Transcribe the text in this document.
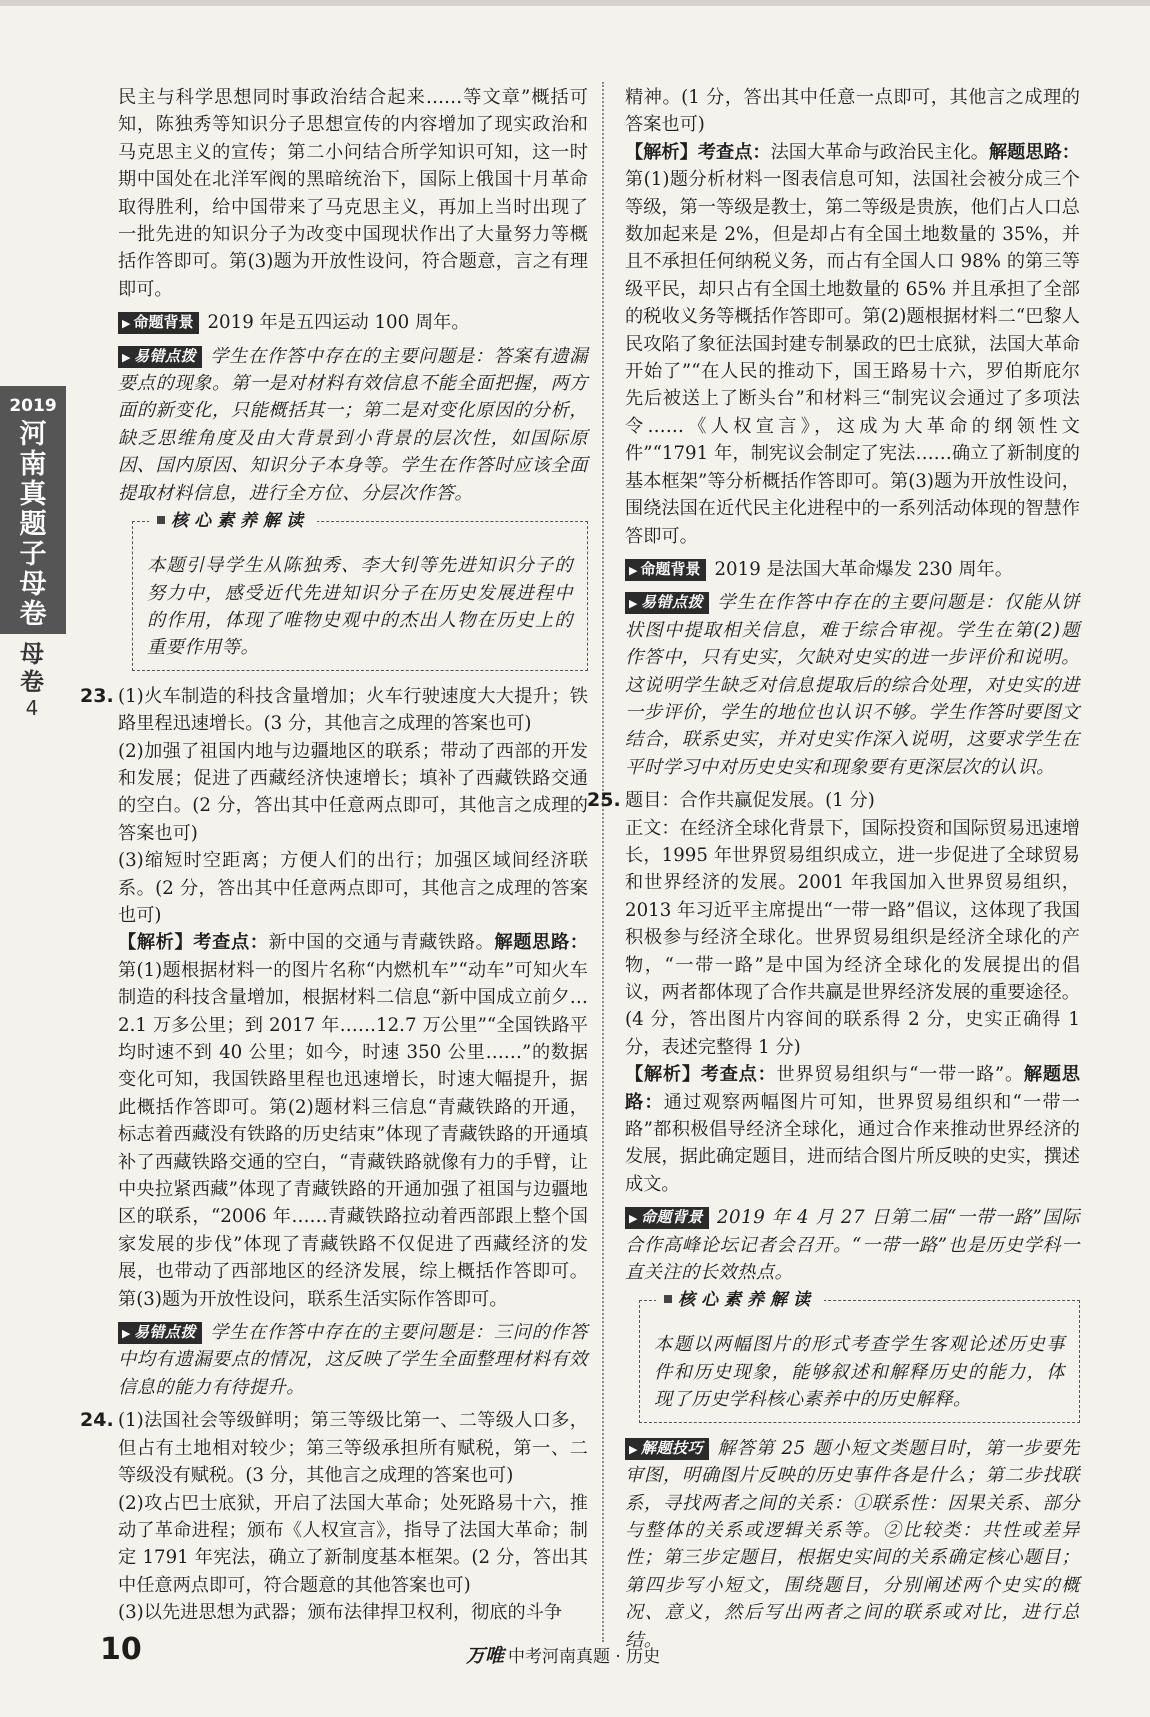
2019
河南真题子母卷
母卷
4

民主与科学思想同时事政治结合起来……等文章”概括可知，陈独秀等知识分子思想宣传的内容增加了现实政治和马克思主义的宣传；第二小问结合所学知识可知，这一时期中国处在北洋军阀的黑暗统治下，国际上俄国十月革命取得胜利，给中国带来了马克思主义，再加上当时出现了一批先进的知识分子为改变中国现状作出了大量努力等概括作答即可。第(3)题为开放性设问，符合题意，言之有理即可。

▶ 命题背景 2019 年是五四运动 100 周年。

▶ 易错点拨 学生在作答中存在的主要问题是：答案有遗漏要点的现象。第一是对材料有效信息不能全面把握，两方面的新变化，只能概括其一；第二是对变化原因的分析，缺乏思维角度及由大背景到小背景的层次性，如国际原因、国内原因、知识分子本身等。学生在作答时应该全面提取材料信息，进行全方位、分层次作答。

核心素养解读

本题引导学生从陈独秀、李大钊等先进知识分子的努力中，感受近代先进知识分子在历史发展进程中的作用，体现了唯物史观中的杰出人物在历史上的重要作用等。

23. (1)火车制造的科技含量增加；火车行驶速度大大提升；铁路里程迅速增长。(3 分，其他言之成理的答案也可)

(2)加强了祖国内地与边疆地区的联系；带动了西部的开发和发展；促进了西藏经济快速增长；填补了西藏铁路交通的空白。(2 分，答出其中任意两点即可，其他言之成理的答案也可)

(3)缩短时空距离；方便人们的出行；加强区域间经济联系。(2 分，答出其中任意两点即可，其他言之成理的答案也可)

【解析】考查点：新中国的交通与青藏铁路。解题思路：第(1)题根据材料一的图片名称“内燃机车”“动车”可知火车制造的科技含量增加，根据材料二信息“新中国成立前夕…2.1 万多公里；到 2017 年……12.7 万公里”“全国铁路平均时速不到 40 公里；如今，时速 350 公里……”的数据变化可知，我国铁路里程也迅速增长，时速大幅提升，据此概括作答即可。第(2)题材料三信息“青藏铁路的开通，标志着西藏没有铁路的历史结束”体现了青藏铁路的开通填补了西藏铁路交通的空白，“青藏铁路就像有力的手臂，让中央拉紧西藏”体现了青藏铁路的开通加强了祖国与边疆地区的联系，“2006 年……青藏铁路拉动着西部跟上整个国家发展的步伐”体现了青藏铁路不仅促进了西藏经济的发展，也带动了西部地区的经济发展，综上概括作答即可。第(3)题为开放性设问，联系生活实际作答即可。

▶ 易错点拨 学生在作答中存在的主要问题是：三问的作答中均有遗漏要点的情况，这反映了学生全面整理材料有效信息的能力有待提升。

24. (1)法国社会等级鲜明；第三等级比第一、二等级人口多，但占有土地相对较少；第三等级承担所有赋税，第一、二等级没有赋税。(3 分，其他言之成理的答案也可)

(2)攻占巴士底狱，开启了法国大革命；处死路易十六，推动了革命进程；颁布《人权宣言》，指导了法国大革命；制定 1791 年宪法，确立了新制度基本框架。(2 分，答出其中任意两点即可，符合题意的其他答案也可)

(3)以先进思想为武器；颁布法律捍卫权利，彻底的斗争

精神。(1 分，答出其中任意一点即可，其他言之成理的答案也可)

【解析】考查点：法国大革命与政治民主化。解题思路：第(1)题分析材料一图表信息可知，法国社会被分成三个等级，第一等级是教士，第二等级是贵族，他们占人口总数加起来是 2%，但是却占有全国土地数量的 35%，并且不承担任何纳税义务，而占有全国人口 98% 的第三等级平民，却只占有全国土地数量的 65% 并且承担了全部的税收义务等概括作答即可。第(2)题根据材料二“巴黎人民攻陷了象征法国封建专制暴政的巴士底狱，法国大革命开始了”“在人民的推动下，国王路易十六，罗伯斯庇尔先后被送上了断头台”和材料三“制宪议会通过了多项法令……《人权宣言》，这成为大革命的纲领性文件”“1791 年，制宪议会制定了宪法……确立了新制度的基本框架”等分析概括作答即可。第(3)题为开放性设问，围绕法国在近代民主化进程中的一系列活动体现的智慧作答即可。

▶ 命题背景 2019 是法国大革命爆发 230 周年。

▶ 易错点拨 学生在作答中存在的主要问题是：仅能从饼状图中提取相关信息，难于综合审视。学生在第(2)题作答中，只有史实，欠缺对史实的进一步评价和说明。这说明学生缺乏对信息提取后的综合处理，对史实的进一步评价，学生的地位也认识不够。学生作答时要图文结合，联系史实，并对史实作深入说明，这要求学生在平时学习中对历史史实和现象要有更深层次的认识。

25. 题目：合作共赢促发展。(1 分)

正文：在经济全球化背景下，国际投资和国际贸易迅速增长，1995 年世界贸易组织成立，进一步促进了全球贸易和世界经济的发展。2001 年我国加入世界贸易组织，2013 年习近平主席提出“一带一路”倡议，这体现了我国积极参与经济全球化。世界贸易组织是经济全球化的产物，“一带一路”是中国为经济全球化的发展提出的倡议，两者都体现了合作共赢是世界经济发展的重要途径。(4 分，答出图片内容间的联系得 2 分，史实正确得 1 分，表述完整得 1 分)

【解析】考查点：世界贸易组织与“一带一路”。解题思路：通过观察两幅图片可知，世界贸易组织和“一带一路”都积极倡导经济全球化，通过合作来推动世界经济的发展，据此确定题目，进而结合图片所反映的史实，撰述成文。

▶ 命题背景 2019 年 4 月 27 日第二届“一带一路”国际合作高峰论坛记者会召开。“一带一路”也是历史学科一直关注的长效热点。

核心素养解读

本题以两幅图片的形式考查学生客观论述历史事件和历史现象，能够叙述和解释历史的能力，体现了历史学科核心素养中的历史解释。

▶ 解题技巧 解答第 25 题小短文类题目时，第一步要先审图，明确图片反映的历史事件各是什么；第二步找联系，寻找两者之间的关系：①联系性：因果关系、部分与整体的关系或逻辑关系等。②比较类：共性或差异性；第三步定题目，根据史实间的关系确定核心题目；第四步写小短文，围绕题目，分别阐述两个史实的概况、意义，然后写出两者之间的联系或对比，进行总结。

10	万唯 中考河南真题 · 历史
